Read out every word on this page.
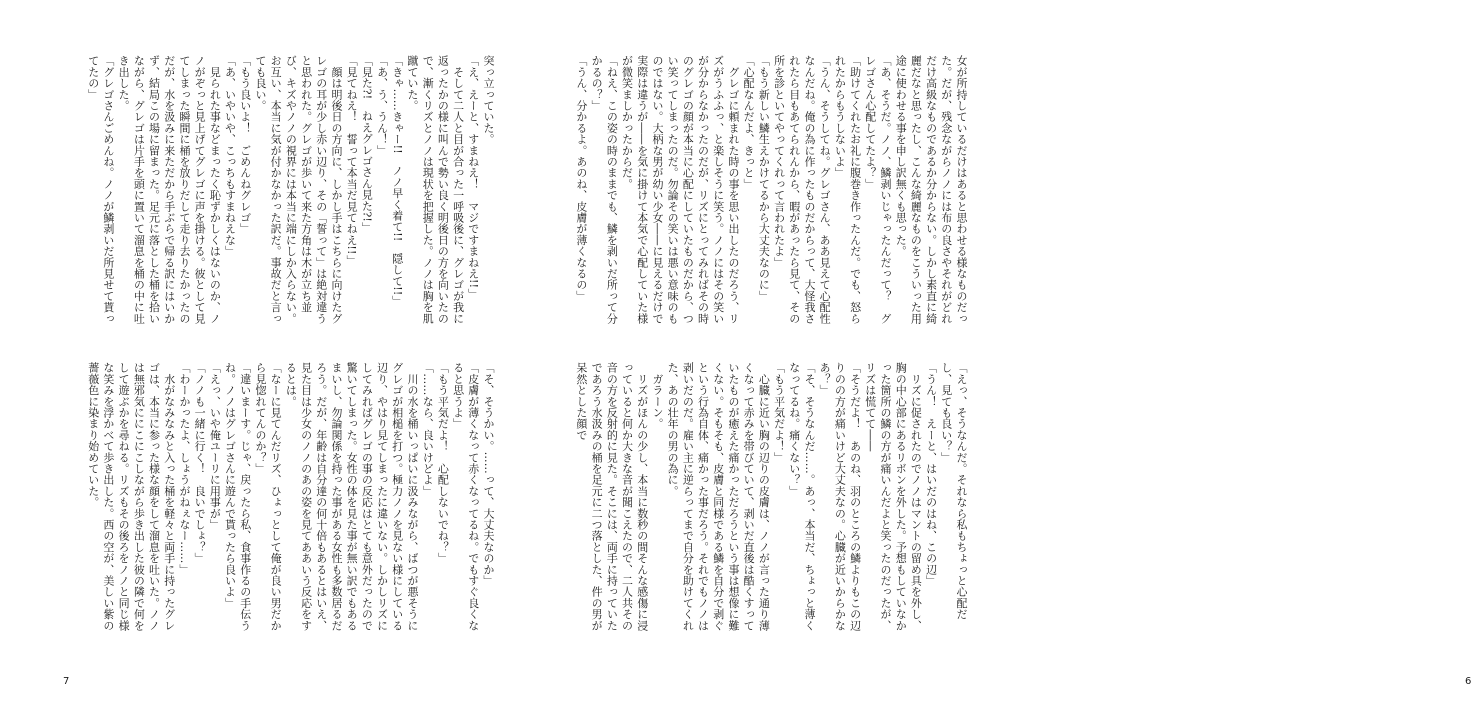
突っ立っていた。

「え、えーと、すまねえ！　マジですまねえ!!」

　そして二人と目が合った一呼吸後に、グレゴが我に返ったかの様に叫んで勢い良く明後日の方を向いたので、漸くリズとノノは現状を把握した。ノノは胸を肌蹴ていた。

「きゃ……きゃー!!　ノノ早く着て!!　隠して!!」

「あ、う、うん！」

「見た?!　ねえグレゴさん見た?!」

「見てねえ！　誓って本当だ見てねえ!!」

　顔は明後日の方向に、しかし手はこちらに向けたグレゴの耳が少し赤い辺り、その「誓って」は絶対違うと思われた。グレゴが歩いて来た方角は木が立ち並び、キズやノノの視界には本当に端にしか入らない。お互い、本当に気が付かなかった訳だ。事故だと言っても良い。

「もう良いよ！　ごめんねグレゴ」

「あ、いやいや、こっちもすまねえな」

　見られた事などまったく恥ずかしくはないのか、ノノがぞっと見上げてグレゴに声を掛ける。彼として見てしまった瞬間に桶を放りだして走り去りたかったのだが、水を汲みに来ただから手ぶらで帰る訳にはいかず、結局この場に留まった。足元に落とした桶を拾いながら、グレゴは片手を頭に置いて溜息を桶の中に吐き出した。

「グレゴさんごめんね。ノノが鱗剥いだ所見せて貰ってたの」

「そ、そうかい。……って、大丈夫なのか」

「皮膚が薄くなって赤くなってるね。でもすぐ良くなると思うよ」

「もう平気だよ！　心配しないでね？」

「……なら、良いけどよ」

　川の水を桶いっぱいに汲みながら、ばつが悪そうにグレゴが相槌を打つ。極力ノノを見ない様にしている辺り、やはり見てしまったに違いない。しかしリズにしてみればグレゴの事の反応はとても意外だったので驚いてしまった。女性の体を見た事が無い訳でもあるまいし、勿論関係を持った事がある女性も多数居るだろう。だが、年齢は自分達の何十倍もあるとはいえ、見た目は少女のノノのあの姿を見てああいう反応をするとは。

「なーに見てんだリズ、ひょっとして俺が良い男だから見惚れてんのか？」

「違いまーす。じゃ、戻ったら私、食事作るの手伝うね。ノノはグレゴさんに遊んで貰ったら良いよ」

「えっ、いや俺ユーリに用事が」

「ノノも一緒に行く！　良いでしょ？」

「わーかったよ、しょうがねぇなー……」

　水がなみなみと入った桶を軽々と両手に持ったグレゴは、本当に参った様な顔をして溜息を吐いた。ノノは無邪気ににこにこしながら歩き出した彼の隣で何をして遊ぶかを尋ねる。リズもその後ろをノノと同じ様な笑みを浮かべて歩き出した。西の空が、美しい紫の薔薇色に染まり始めていた。

7	6

女が所持しているだけはあると思わせる様なものだった。だが、残念ながらノノには布の良さやそれがどれだけ高級なものであるか分からない。しかし素直に綺麗だなと思ったし、こんな綺麗なものをこういった用途に使わせる事を申し訳無くも思った。

「あ、そうだ。ノノ、鱗剥いじゃったんだって？　グレゴさん心配してたよ？」

「助けてくれたお礼に腹巻き作ったんだ。でも、怒られたからもうしないよ」

「うん、そうしてね。グレゴさん、ああ見えて心配性なんだね。俺の為に作ったものだからって、大怪我されたら目もあてられんから、暇があったら見て、その所を診といてやってくれって言われたよ」

「もう新しい鱗生えかけてるから大丈夫なのに」

「心配なんだよ、きっと」

　グレゴに頼まれた時の事を思い出したのだろう、リズがうふふっ、と楽しそうに笑う。ノノにはその笑いが分からなかったのだが、リズにとってみればその時のグレゴの顔が本当に心配にしていたものだから、つい笑ってしまったのだ。勿論その笑いは悪い意味のものではない。大柄な男が幼い少女――に見えるだけで実際は違うが――を気に掛けて本気で心配していた様が微笑ましかったからだ。

「ねえ、この姿の時のままでも、鱗を剥いだ所って分かるの？」

「うん、分かるよ。あのね、皮膚が薄くなるの」

「えっ、そうなんだ。それなら私もちょっと心配だし、見ても良い？」

「うん！　えーと、はいだのはね、この辺」

　リズに促されたのでノノはマントの留め具を外し、胸の中心部にあるリボンを外した。予想もしていなかった箇所の鱗の方が痛いんだよと笑ったのだったが、リズは慌てて――

「そうだよ！　あのね、羽のところの鱗よりもこの辺りのの方が痛いけど大丈夫なの。心臓が近いからかなあ？」

「そ、そうなんだ……。あっ、本当だ、ちょっと薄くなってるね。痛くない？」

「もう平気だよ！」

　心臓に近い胸の辺りの皮膚は、ノノが言った通り薄くなって赤みを帯びていて、剥いだ直後は酷くすっていたものが癒えた痛かっただろうという事は想像に難くない。そもそも、皮膚と同様である鱗を自分で剥ぐという行為自体、痛かった事だろう。それでもノノは剥いだのだ。雇い主に逆らってまで自分を助けてくれた、あの壮年の男の為に。

　ガラーン。

　リズがほんの少し、本当に数秒の間そんな感傷に浸っていると何か大きな音が聞こえたので、二人共その音の方を反射的に見た。そこには、両手に持っていたであろう水汲みの桶を足元に二つ落とした、件の男が呆然とした顔で
